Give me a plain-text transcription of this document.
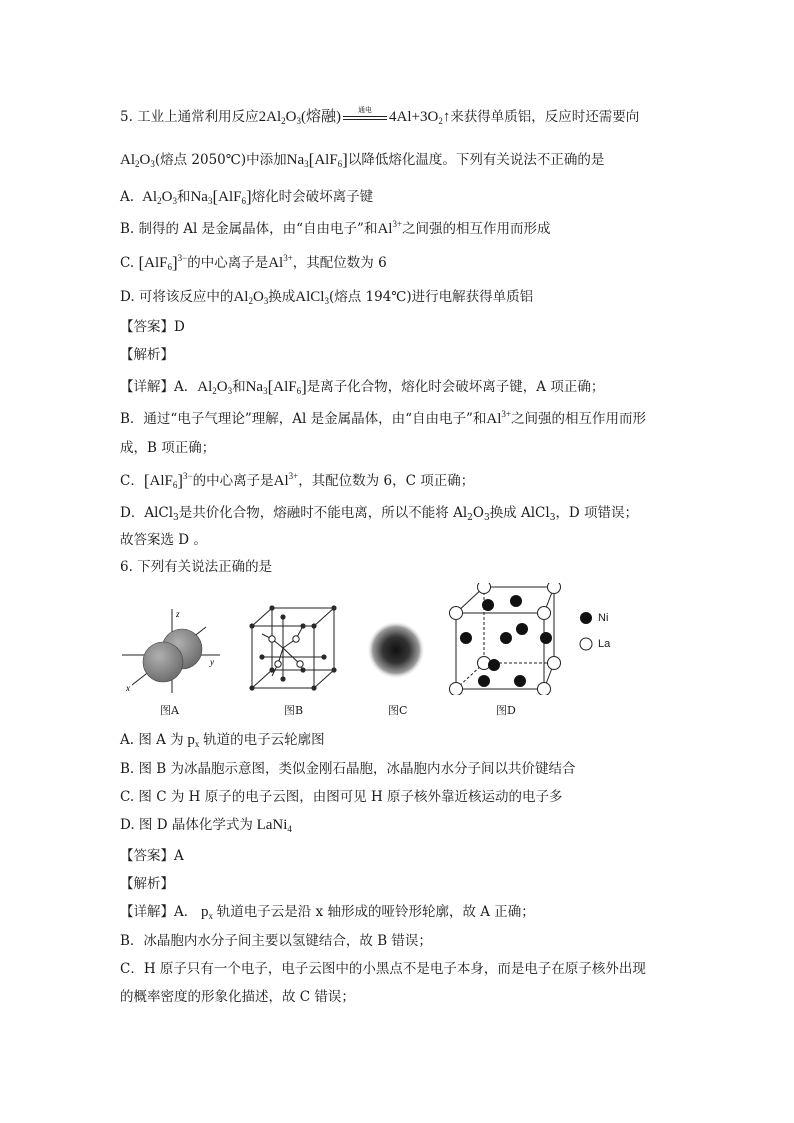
5. 工业上通常利用反应$2Al_2O_3$(熔融)	通电	$4Al+3O_2↑$来获得单质铝，反应时还需要向
$Al_2O_3$(熔点 2050℃)中添加$Na_3[AlF_6]$以降低熔化温度。下列有关说法不正确的是
A. $Al_2O_3$和$Na_3[AlF_6]$熔化时会破坏离子键
B. 制得的 Al 是金属晶体，由“自由电子”和$Al^{3+}$之间强的相互作用而形成
C. $[AlF_6]^{3-}$的中心离子是$Al^{3+}$，其配位数为 6
D. 可将该反应中的$Al_2O_3$换成AlCl$_3$(熔点 194℃)进行电解获得单质铝
【答案】D
【解析】
【详解】A．$Al_2O_3$和$Na_3[AlF_6]$是离子化合物，熔化时会破坏离子键，A 项正确；
B．通过“电子气理论”理解，Al 是金属晶体，由“自由电子”和$Al^{3+}$之间强的相互作用而形
成，B 项正确；
C．$[AlF_6]^{3-}$的中心离子是$Al^{3+}$，其配位数为 6，C 项正确；
D．AlCl$_3$是共价化合物，熔融时不能电离，所以不能将 $Al_2O_3$换成 AlCl$_3$，D 项错误；
故答案选 D 。
6. 下列有关说法正确的是
z
y
x
Ni
La
图A	图B	图C	图D
A. 图 A 为 $p_x$ 轨道的电子云轮廓图
B. 图 B 为冰晶胞示意图，类似金刚石晶胞，冰晶胞内水分子间以共价键结合
C. 图 C 为 H 原子的电子云图，由图可见 H 原子核外靠近核运动的电子多
D. 图 D 晶体化学式为 LaNi$_4$
【答案】A
【解析】
【详解】A． $p_x$ 轨道电子云是沿 x 轴形成的哑铃形轮廓，故 A 正确；
B．冰晶胞内水分子间主要以氢键结合，故 B 错误；
C．H 原子只有一个电子，电子云图中的小黑点不是电子本身，而是电子在原子核外出现
的概率密度的形象化描述，故 C 错误；
